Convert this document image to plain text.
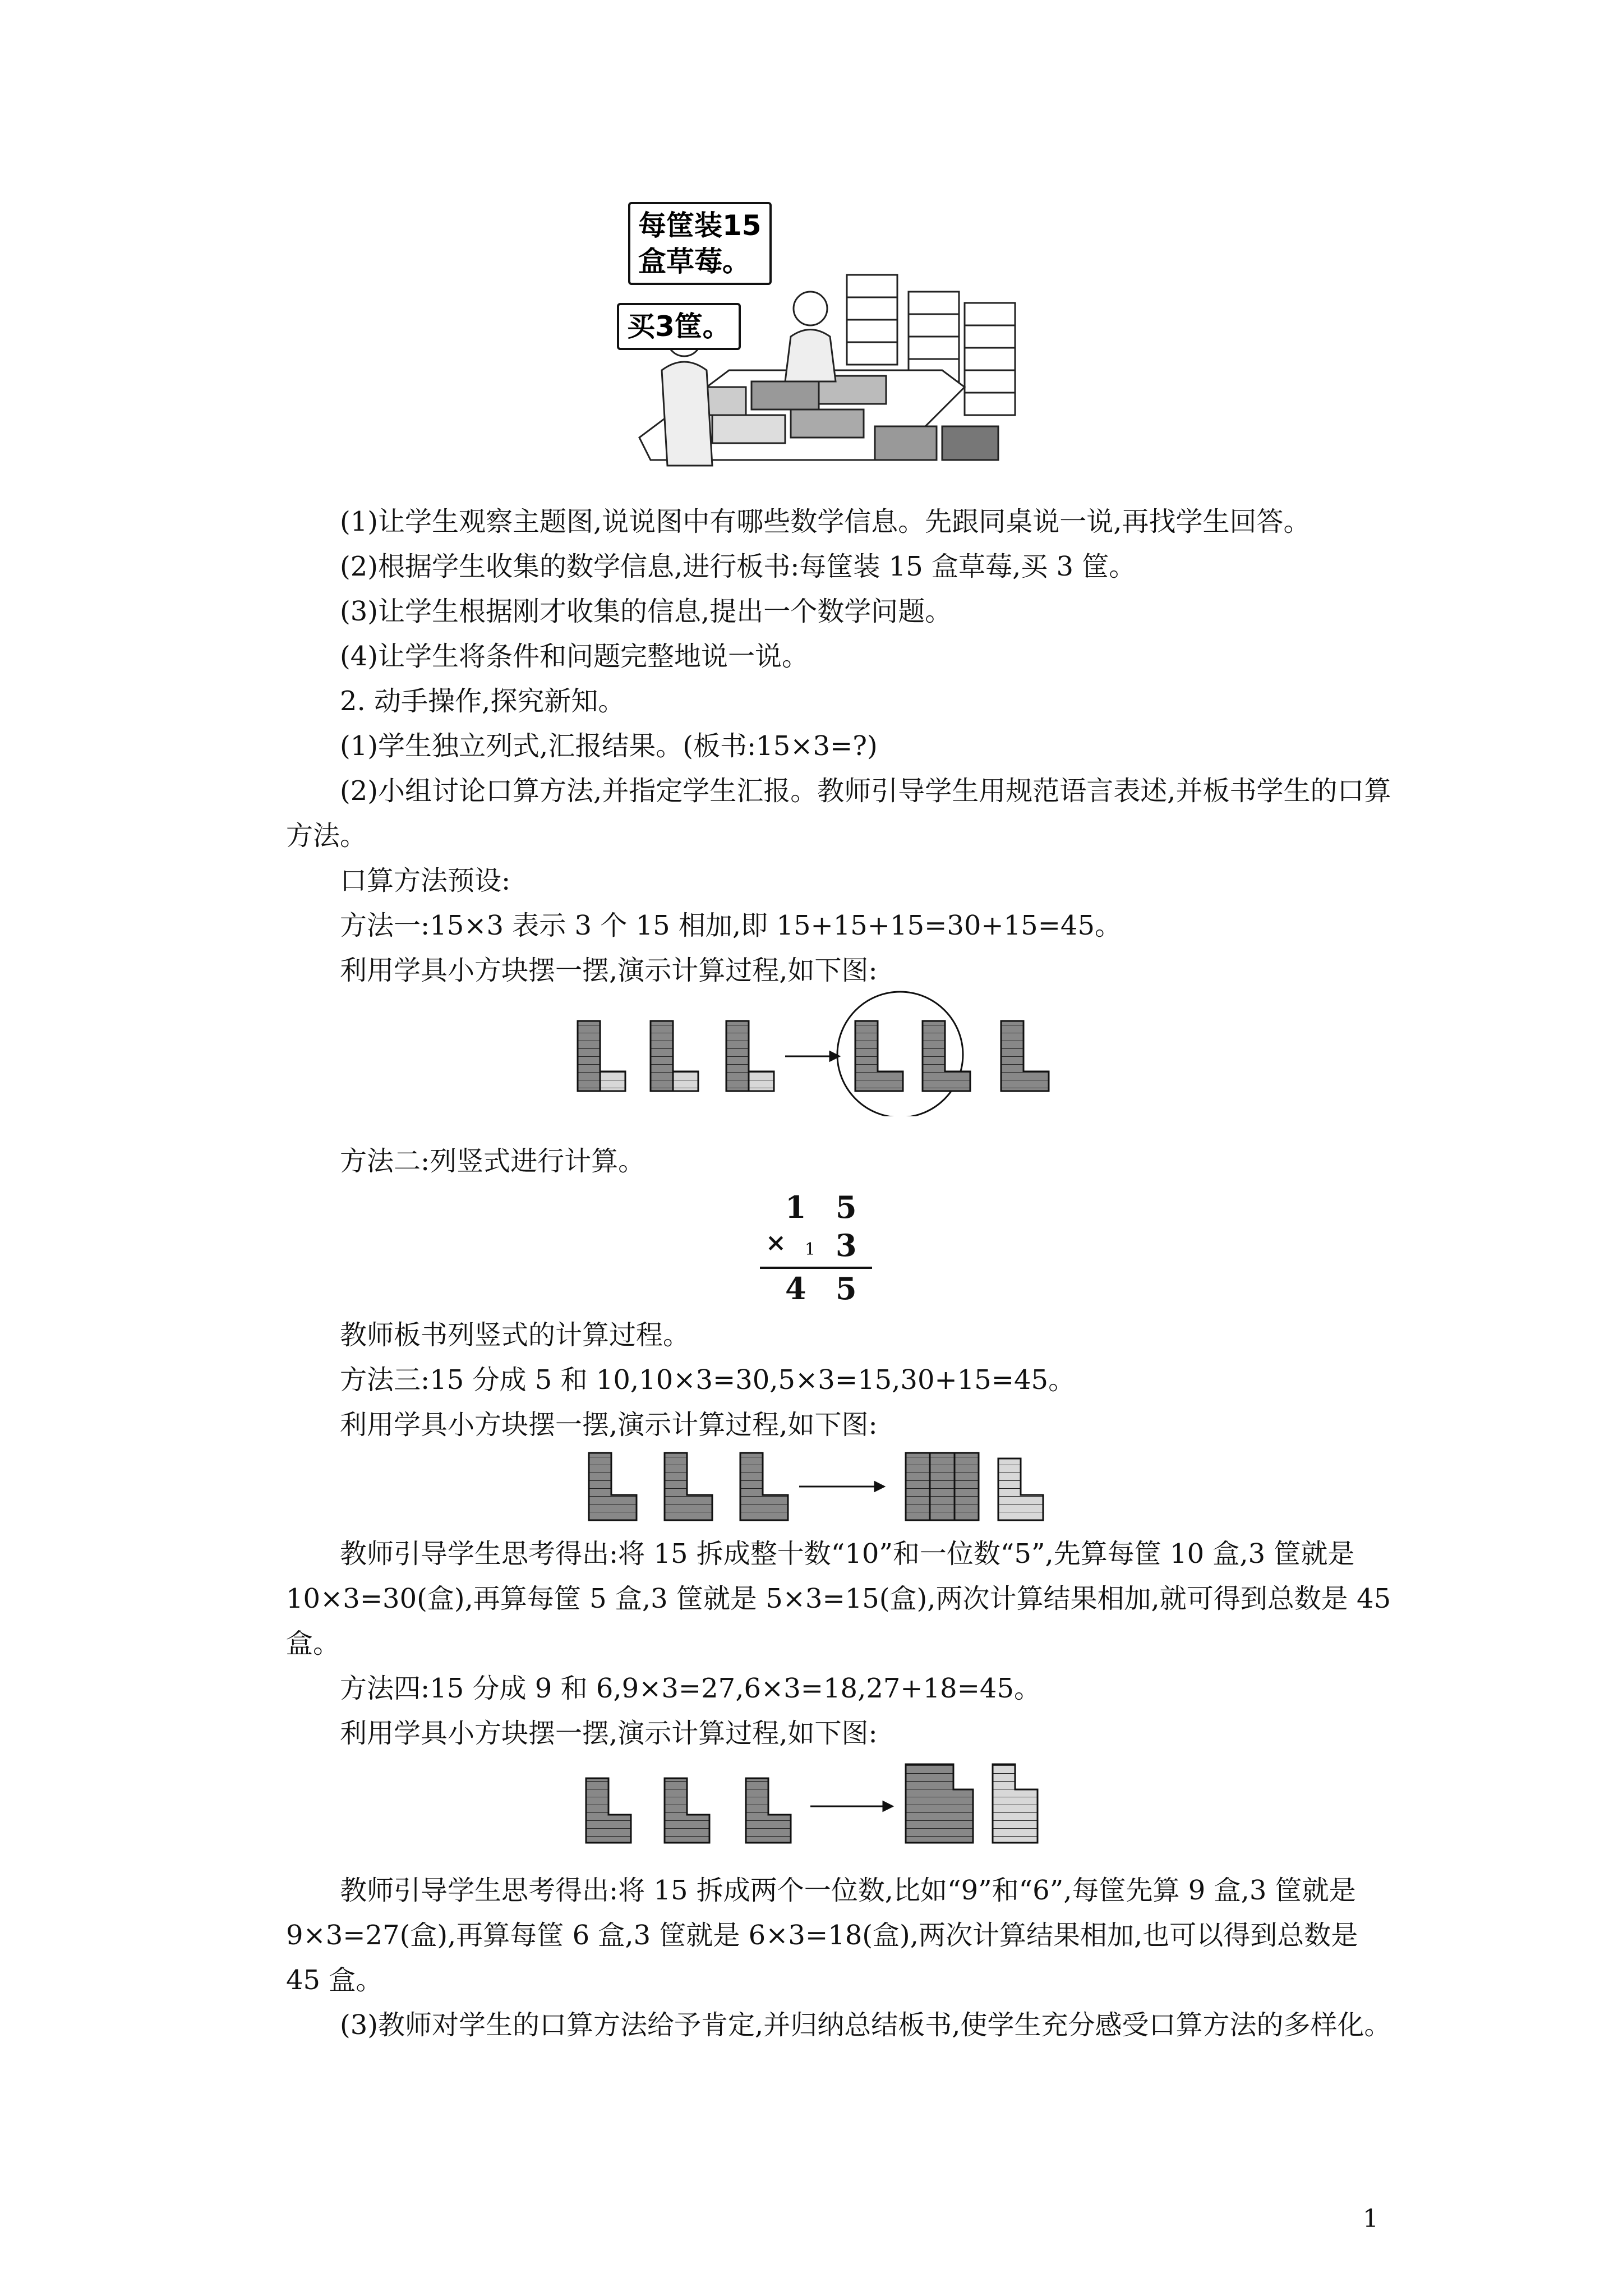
每筐装15
盒草莓。
买3筐。

(1)让学生观察主题图,说说图中有哪些数学信息。先跟同桌说一说,再找学生回答。

(2)根据学生收集的数学信息,进行板书:每筐装 15 盒草莓,买 3 筐。

(3)让学生根据刚才收集的信息,提出一个数学问题。

(4)让学生将条件和问题完整地说一说。

2. 动手操作,探究新知。

(1)学生独立列式,汇报结果。(板书:15×3=?)

(2)小组讨论口算方法,并指定学生汇报。教师引导学生用规范语言表述,并板书学生的口算方法。

口算方法预设:

方法一:15×3 表示 3 个 15 相加,即 15+15+15=30+15=45。

利用学具小方块摆一摆,演示计算过程,如下图:

方法二:列竖式进行计算。

1 5
× 1 3
4 5

教师板书列竖式的计算过程。

方法三:15 分成 5 和 10,10×3=30,5×3=15,30+15=45。

利用学具小方块摆一摆,演示计算过程,如下图:

教师引导学生思考得出:将 15 拆成整十数“10”和一位数“5”,先算每筐 10 盒,3 筐就是 10×3=30(盒),再算每筐 5 盒,3 筐就是 5×3=15(盒),两次计算结果相加,就可得到总数是 45 盒。

方法四:15 分成 9 和 6,9×3=27,6×3=18,27+18=45。

利用学具小方块摆一摆,演示计算过程,如下图:

教师引导学生思考得出:将 15 拆成两个一位数,比如“9”和“6”,每筐先算 9 盒,3 筐就是 9×3=27(盒),再算每筐 6 盒,3 筐就是 6×3=18(盒),两次计算结果相加,也可以得到总数是 45 盒。

(3)教师对学生的口算方法给予肯定,并归纳总结板书,使学生充分感受口算方法的多样化。

1
